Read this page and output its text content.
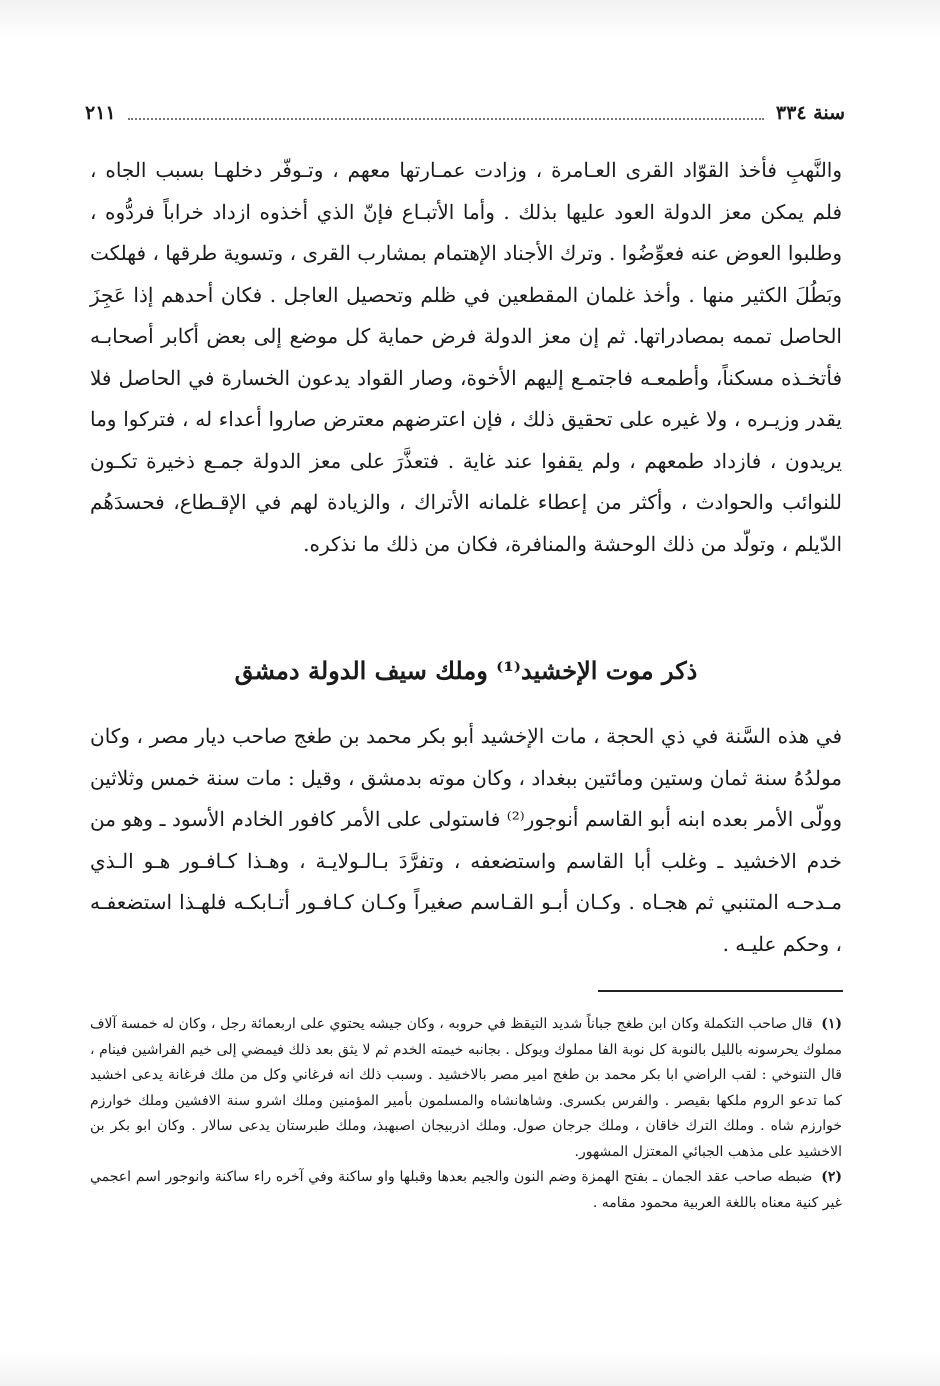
سنة ٣٣٤
٢١١

والنَّهبِ فأخذ القوّاد القرى العـامرة ، وزادت عمـارتها معهم ، وتـوفّر دخلهـا بسبب الجاه ، فلم يمكن معز الدولة العود عليها بذلك . وأما الأتبـاع فإنّ الذي أخذوه ازداد خراباً فردُّوه ، وطلبوا العوض عنه فعوِّضُوا . وترك الأجناد الإهتمام بمشارب القرى ، وتسوية طرقها ، فهلكت وبَطُلَ الكثير منها . وأخذ غلمان المقطعين في ظلم وتحصيل العاجل . فكان أحدهم إذا عَجِزَ الحاصل تممه بمصادراتها. ثم إن معز الدولة فرض حماية كل موضع إلى بعض أكابر أصحابـه فأتخـذه مسكناً، وأطمعـه فاجتمـع إليهم الأخوة، وصار القواد يدعون الخسارة في الحاصل فلا يقدر وزيـره ، ولا غيره على تحقيق ذلك ، فإن اعترضهم معترض صاروا أعداء له ، فتركوا وما يريدون ، فازداد طمعهم ، ولم يقفوا عند غاية . فتعذَّرَ على معز الدولة جمـع ذخيرة تكـون للنوائب والحوادث ، وأكثر من إعطاء غلمانه الأتراك ، والزيادة لهم في الإقـطاع، فحسدَهُم الدّيلم ، وتولّد من ذلك الوحشة والمنافرة، فكان من ذلك ما نذكره.

ذكر موت الإخشيد⁽¹⁾ وملك سيف الدولة دمشق

في هذه السَّنة في ذي الحجة ، مات الإخشيد أبو بكر محمد بن طغج صاحب ديار مصر ، وكان مولدُهُ سنة ثمان وستين ومائتين ببغداد ، وكان موته بدمشق ، وقيل : مات سنة خمس وثلاثين وولّى الأمر بعده ابنه أبو القاسم أنوجور⁽²⁾ فاستولى على الأمر كافور الخادم الأسود ـ وهو من خدم الاخشيد ـ وغلب أبا القاسم واستضعفه ، وتفرَّدَ بـالـولايـة ، وهـذا كـافـور هـو الـذي مـدحـه المتنبي ثم هجـاه . وكـان أبـو القـاسم صغيراً وكـان كـافـور أتـابكـه فلهـذا استضعفـه ، وحكم عليـه .

(١) قال صاحب التكملة وكان ابن طغج جباناً شديد التيقظ في حروبه ، وكان جيشه يحتوي على اربعمائة رجل ، وكان له خمسة آلاف مملوك يحرسونه بالليل بالنوبة كل نوبة الفا مملوك ويوكل . بجانبه خيمته الخدم ثم لا يثق بعد ذلك فيمضي إلى خيم الفراشين فينام ، قال التنوخي : لقب الراضي ابا بكر محمد بن طغج امير مصر بالاخشيد . وسبب ذلك انه فرغاني وكل من ملك فرغانة يدعى اخشيد كما تدعو الروم ملكها بقيصر . والفرس بكسرى. وشاهانشاه والمسلمون بأمير المؤمنين وملك اشرو سنة الافشين وملك خوارزم خوارزم شاه . وملك الترك خاقان ، وملك جرجان صول. وملك اذربيجان اصبهبذ، وملك طبرستان يدعى سالار . وكان ابو بكر بن الاخشيد على مذهب الجبائي المعتزل المشهور.

(٢) ضبطه صاحب عقد الجمان ـ بفتح الهمزة وضم النون والجيم بعدها وقبلها واو ساكنة وفي آخره راء ساكنة وانوجور اسم اعجمي غير كنية معناه باللغة العربية محمود مقامه .
